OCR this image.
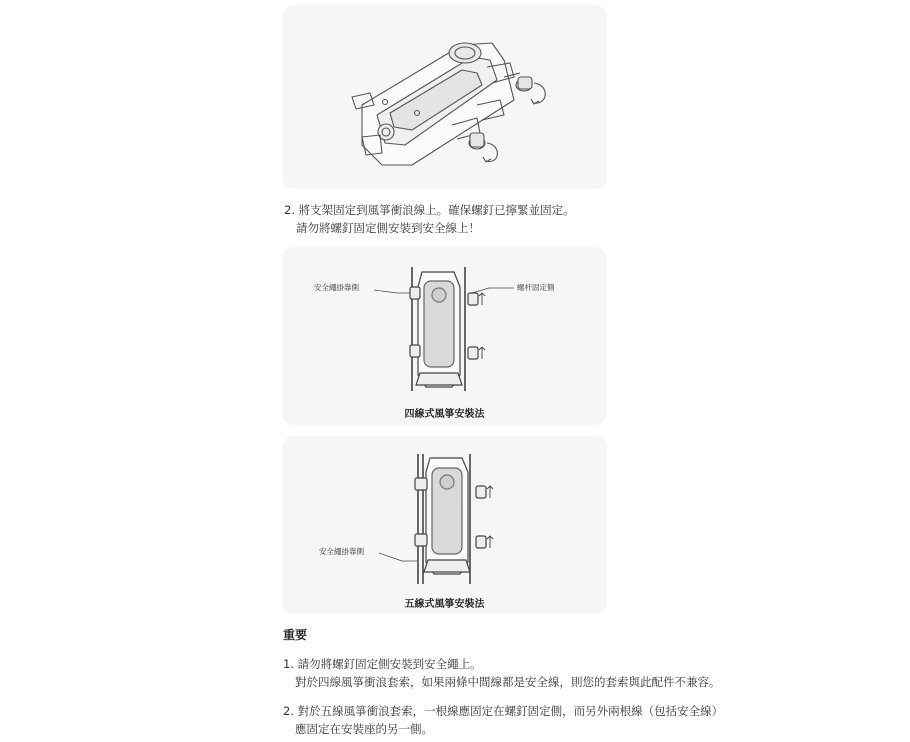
2. 將支架固定到風箏衝浪線上。確保螺釘已擰緊並固定。
請勿將螺釘固定側安裝到安全線上！
安全繩掛靠側	螺杆固定側
四線式風箏安裝法
安全繩掛靠側
五線式風箏安裝法
重要
1. 請勿將螺釘固定側安裝到安全繩上。
對於四線風箏衝浪套索，如果兩條中間線都是安全線，則您的套索與此配件不兼容。
2. 對於五線風箏衝浪套索，一根線應固定在螺釘固定側，而另外兩根線（包括安全線）
應固定在安裝座的另一側。
